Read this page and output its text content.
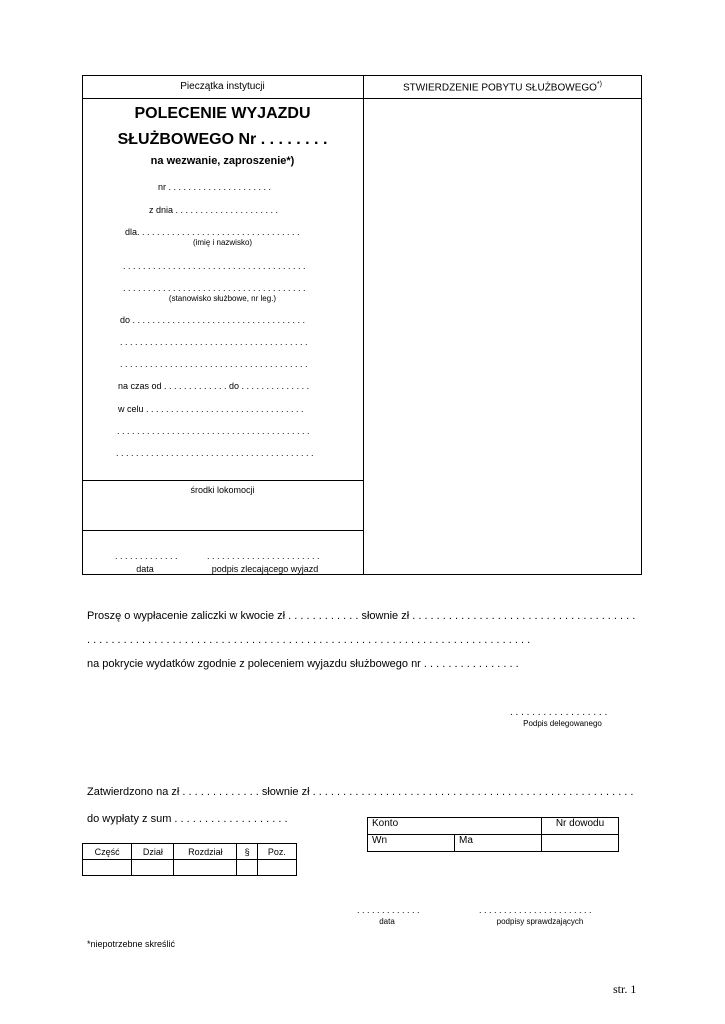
Pieczątka instytucji	STWIERDZENIE POBYTU SŁUŻBOWEGO*)
POLECENIE WYJAZDU
SŁUŻBOWEGO Nr . . . . . . . .
na wezwanie, zaproszenie*)
nr . . . . . . . . . . . . . . . . . . . . .
z dnia . . . . . . . . . . . . . . . . . . . . .
dla. . . . . . . . . . . . . . . . . . . . . . . . . . . . . . . . .
(imię i nazwisko)
. . . . . . . . . . . . . . . . . . . . . . . . . . . . . . . . . . . . .
. . . . . . . . . . . . . . . . . . . . . . . . . . . . . . . . . . . . .
(stanowisko służbowe, nr leg.)
do . . . . . . . . . . . . . . . . . . . . . . . . . . . . . . . . . . .
. . . . . . . . . . . . . . . . . . . . . . . . . . . . . . . . . . . . . .
. . . . . . . . . . . . . . . . . . . . . . . . . . . . . . . . . . . . . .
na czas od . . . . . . . . . . . . . do . . . . . . . . . . . . . .
w celu . . . . . . . . . . . . . . . . . . . . . . . . . . . . . . . .
. . . . . . . . . . . . . . . . . . . . . . . . . . . . . . . . . . . . . . .
. . . . . . . . . . . . . . . . . . . . . . . . . . . . . . . . . . . . . . . .
środki lokomocji
. . . . . . . . . . . . .
data
. . . . . . . . . . . . . . . . . . . . . . .
podpis zlecającego wyjazd
Proszę o wypłacenie zaliczki w kwocie zł . . . . . . . . . . . . słownie zł . . . . . . . . . . . . . . . . . . . . . . . . . . . . . . . . . . . . .
. . . . . . . . . . . . . . . . . . . . . . . . . . . . . . . . . . . . . . . . . . . . . . . . . . . . . . . . . . . . . . . . . . . . . . . . .
na pokrycie wydatków zgodnie z poleceniem wyjazdu służbowego nr . . . . . . . . . . . . . . . .
. . . . . . . . . . . . . . . . . .
Podpis delegowanego
Zatwierdzono na zł . . . . . . . . . . . . . słownie zł . . . . . . . . . . . . . . . . . . . . . . . . . . . . . . . . . . . . . . . . . . . . . . . . . . . . .
do wypłaty z sum . . . . . . . . . . . . . . . . . . .
Część	Dział	Rozdział	§	Poz.

Konto		Nr dowodu
Wn	Ma	
. . . . . . . . . . . . .
data
. . . . . . . . . . . . . . . . . . . . . . .
podpisy sprawdzających
*niepotrzebne skreślić
str. 1
